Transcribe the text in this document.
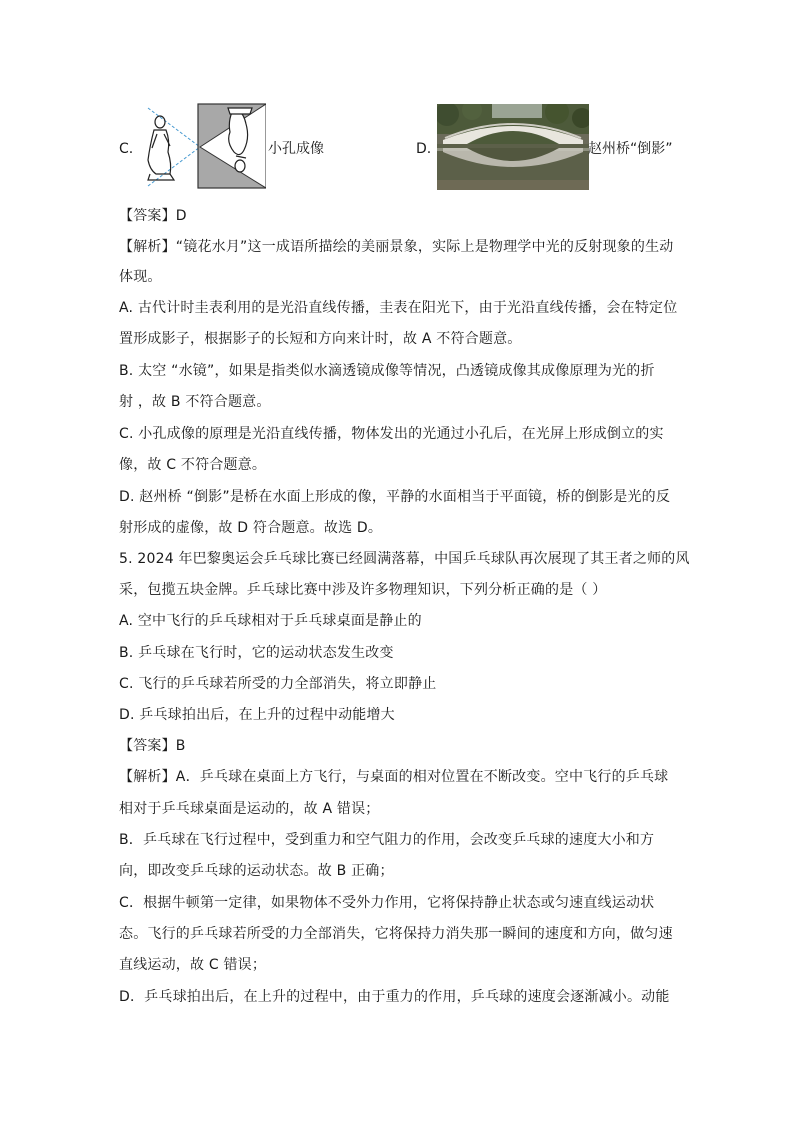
C.	小孔成像	D.	赵州桥“倒影”
【答案】D
【解析】“镜花水月”这一成语所描绘的美丽景象，实际上是物理学中光的反射现象的生动
体现。
A. 古代计时圭表利用的是光沿直线传播，圭表在阳光下，由于光沿直线传播，会在特定位
置形成影子，根据影子的长短和方向来计时，故 A 不符合题意。
B. 太空 “水镜”，如果是指类似水滴透镜成像等情况，凸透镜成像其成像原理为光的折
射 ，故 B 不符合题意。
C. 小孔成像的原理是光沿直线传播，物体发出的光通过小孔后，在光屏上形成倒立的实
像，故 C 不符合题意。
D. 赵州桥 “倒影”是桥在水面上形成的像，平静的水面相当于平面镜，桥的倒影是光的反
射形成的虚像，故 D 符合题意。故选 D。
5. 2024 年巴黎奥运会乒乓球比赛已经圆满落幕，中国乒乓球队再次展现了其王者之师的风
采，包揽五块金牌。乒乓球比赛中涉及许多物理知识，下列分析正确的是（ ）
A. 空中飞行的乒乓球相对于乒乓球桌面是静止的
B. 乒乓球在飞行时，它的运动状态发生改变
C. 飞行的乒乓球若所受的力全部消失，将立即静止
D. 乒乓球拍出后，在上升的过程中动能增大
【答案】B
【解析】A．乒乓球在桌面上方飞行，与桌面的相对位置在不断改变。空中飞行的乒乓球
相对于乒乓球桌面是运动的，故 A 错误；
B．乒乓球在飞行过程中，受到重力和空气阻力的作用，会改变乒乓球的速度大小和方
向，即改变乒乓球的运动状态。故 B 正确；
C．根据牛顿第一定律，如果物体不受外力作用，它将保持静止状态或匀速直线运动状
态。飞行的乒乓球若所受的力全部消失，它将保持力消失那一瞬间的速度和方向，做匀速
直线运动，故 C 错误；
D．乒乓球拍出后，在上升的过程中，由于重力的作用，乒乓球的速度会逐渐减小。动能
